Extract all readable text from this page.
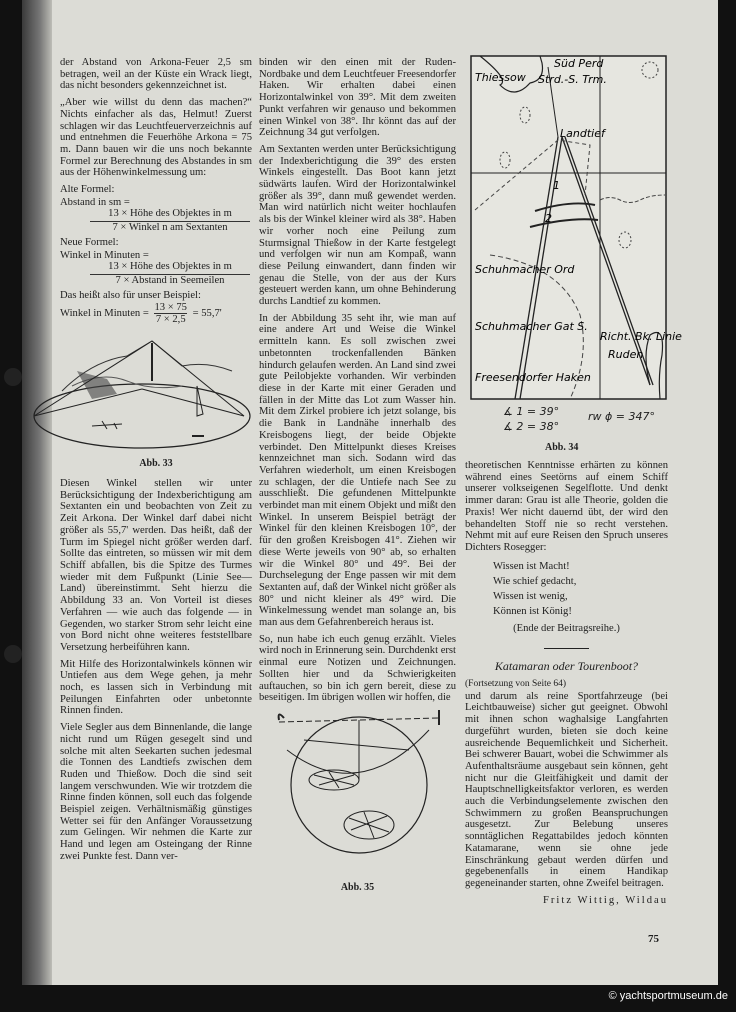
der Abstand von Arkona-Feuer 2,5 sm betragen, weil an der Küste ein Wrack liegt, das nicht besonders gekennzeichnet ist.

„Aber wie willst du denn das machen?“ Nichts einfacher als das, Helmut! Zuerst schlagen wir das Leuchtfeuerverzeichnis auf und entnehmen die Feuerhöhe Arkona = 75 m. Dann bauen wir die uns noch bekannte Formel zur Berechnung des Abstandes in sm aus der Höhenwinkelmessung um:

Alte Formel:
Abstand in sm =
13 × Höhe des Objektes in m
7 × Winkel n am Sextanten
Neue Formel:
Winkel in Minuten =
13 × Höhe des Objektes in m
7 × Abstand in Seemeilen
Das heißt also für unser Beispiel:
Winkel in Minuten = $\frac{13 \times 75}{7 \times 2,5} = 55,7'$
Abb. 33

Diesen Winkel stellen wir unter Berücksichtigung der Indexberichtigung am Sextanten ein und beobachten von Zeit zu Zeit Arkona. Der Winkel darf dabei nicht größer als 55,7' werden. Das heißt, daß der Turm im Spiegel nicht größer werden darf. Sollte das eintreten, so müssen wir mit dem Schiff abfallen, bis die Spitze des Turmes wieder mit dem Fußpunkt (Linie See—Land) übereinstimmt. Seht hierzu die Abbildung 33 an. Von Vorteil ist dieses Verfahren — wie auch das folgende — in Gegenden, wo starker Strom sehr leicht eine von Bord nicht ohne weiteres feststellbare Versetzung herbeiführen kann.

Mit Hilfe des Horizontalwinkels können wir Untiefen aus dem Wege gehen, ja mehr noch, es lassen sich in Verbindung mit Peilungen Einfahrten oder unbetonnte Rinnen finden.

Viele Segler aus dem Binnenlande, die lange nicht rund um Rügen gesegelt sind und solche mit alten Seekarten suchen jedesmal die Tonnen des Landtiefs zwischen dem Ruden und Thießow. Doch die sind seit langem verschwunden. Wie wir trotzdem die Rinne finden können, soll euch das folgende Beispiel zeigen. Verhältnismäßig günstiges Wetter sei für den Anfänger Voraussetzung zum Gelingen. Wir nehmen die Karte zur Hand und legen am Osteingang der Rinne zwei Punkte fest. Dann ver-

binden wir den einen mit der Ruden-Nordbake und dem Leuchtfeuer Freesendorfer Haken. Wir erhalten dabei einen Horizontalwinkel von 39°. Mit dem zweiten Punkt verfahren wir genauso und bekommen einen Winkel von 38°. Ihr könnt das auf der Zeichnung 34 gut verfolgen.

Am Sextanten werden unter Berücksichtigung der Indexberichtigung die 39° des ersten Winkels eingestellt. Das Boot kann jetzt südwärts laufen. Wird der Horizontalwinkel größer als 39°, dann muß gewendet werden. Man wird natürlich nicht weiter hochlaufen als bis der Winkel kleiner wird als 38°. Haben wir vorher noch eine Peilung zum Sturmsignal Thießow in der Karte festgelegt und verfolgen wir nun am Kompaß, wann diese Peilung einwandert, dann finden wir genau die Stelle, von der aus der Kurs gesteuert werden kann, um ohne Behinderung durchs Landtief zu kommen.

In der Abbildung 35 seht ihr, wie man auf eine andere Art und Weise die Winkel ermitteln kann. Es soll zwischen zwei unbetonnten trockenfallenden Bänken hindurch gelaufen werden. An Land sind zwei gute Peilobjekte vorhanden. Wir verbinden diese in der Karte mit einer Geraden und fällen in der Mitte das Lot zum Wasser hin. Mit dem Zirkel probiere ich jetzt solange, bis die Bank in Landnähe innerhalb des Kreisbogens liegt, der beide Objekte verbindet. Den Mittelpunkt dieses Kreises kennzeichnet man sich. Sodann wird das Verfahren wiederholt, um einen Kreisbogen zu schlagen, der die Untiefe nach See zu ausschließt. Die gefundenen Mittelpunkte verbindet man mit einem Objekt und mißt den Winkel. In unserem Beispiel beträgt der Winkel für den kleinen Kreisbogen 10°, der für den großen Kreisbogen 41°. Ziehen wir diese Werte jeweils von 90° ab, so erhalten wir die Winkel 80° und 49°. Bei der Durchselegung der Enge passen wir mit dem Sextanten auf, daß der Winkel nicht größer als 80° und nicht kleiner als 49° wird. Die Winkelmessung wendet man solange an, bis man aus dem Gefahrenbereich heraus ist.

So, nun habe ich euch genug erzählt. Vieles wird noch in Erinnerung sein. Durchdenkt erst einmal eure Notizen und Zeichnungen. Sollten hier und da Schwierigkeiten auftauchen, so bin ich gern bereit, diese zu beseitigen. Im übrigen wollen wir hoffen, die

Abb. 35
Süd Perd
Thiessow Strd.-S. Trm.
Landtief
1
2
Schuhmacher Ord
Schuhmacher Gat S.
Freesendorfer Haken
Richt. Bk. Linie
Ruden
∡ 1 = 39°
∡ 2 = 38°
rw ϕ = 347°
Abb. 34

theoretischen Kenntnisse erhärten zu können während eines Seetörns auf einem Schiff unserer volkseigenen Segelflotte. Und denkt immer daran: Grau ist alle Theorie, golden die Praxis! Wer nicht dauernd übt, der wird den behandelten Stoff nie so recht verstehen. Nehmt mit auf eure Reisen den Spruch unseres Dichters Rosegger:

Wissen ist Macht!
Wie schief gedacht,
Wissen ist wenig,
Können ist König!
(Ende der Beitragsreihe.)
Katamaran oder Tourenboot?
(Fortsetzung von Seite 64)

und darum als reine Sportfahrzeuge (bei Leichtbauweise) sicher gut geeignet. Obwohl mit ihnen schon waghalsige Langfahrten durgeführt wurden, bieten sie doch keine ausreichende Bequemlichkeit und Sicherheit. Bei schwerer Bauart, wobei die Schwimmer als Aufenthaltsräume ausgebaut sein können, geht nicht nur die Gleitfähigkeit und damit der Hauptschnelligkeitsfaktor verloren, es werden auch die Verbindungselemente zwischen den Schwimmern zu großen Beanspruchungen ausgesetzt. Zur Belebung unseres sonntäglichen Regattabildes jedoch könnten Katamarane, wenn sie ohne jede Einschränkung gebaut werden dürfen und gegebenenfalls in einem Handikap gegeneinander starten, ohne Zweifel beitragen.

Fritz Wittig, Wildau
75
© yachtsportmuseum.de
